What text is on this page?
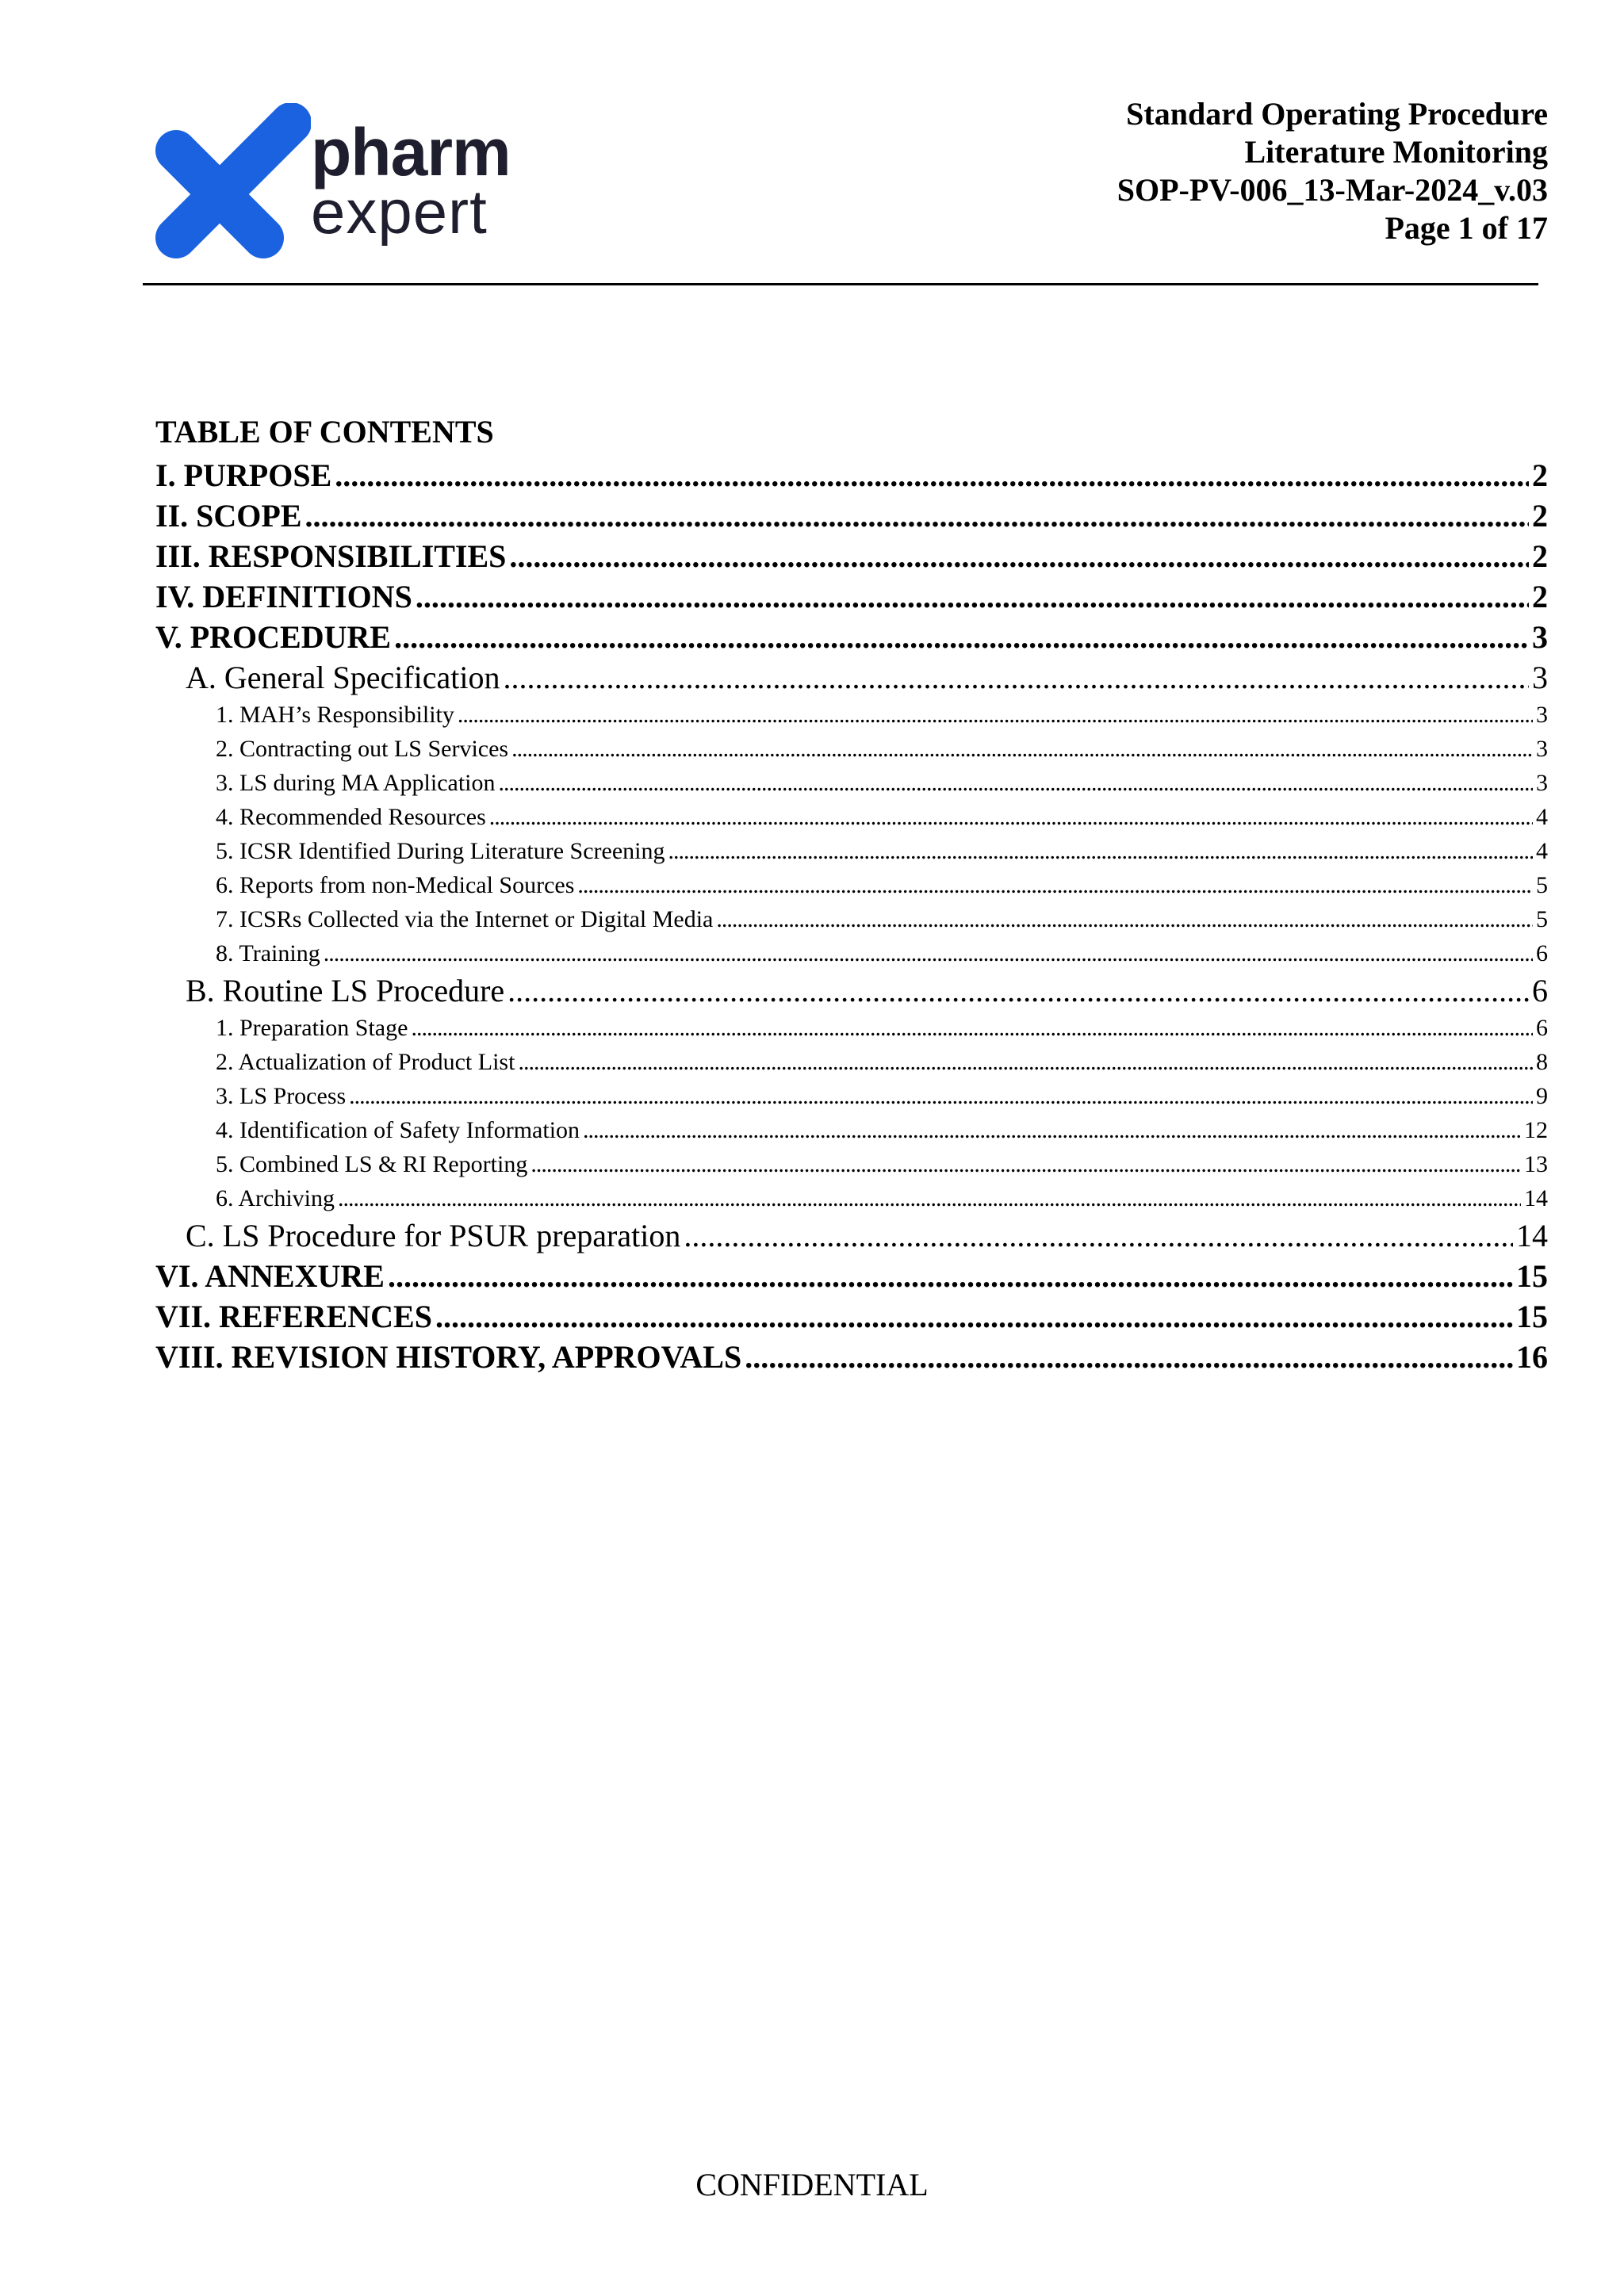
pharm
expert
Standard Operating Procedure
Literature Monitoring
SOP-PV-006_13-Mar-2024_v.03
Page 1 of 17
TABLE OF CONTENTS
I. PURPOSE .....	2
II. SCOPE .....	2
III. RESPONSIBILITIES .....	2
IV. DEFINITIONS .....	2
V. PROCEDURE .....	3
A. General Specification .....	3
1. MAH’s Responsibility .....	3
2. Contracting out LS Services .....	3
3. LS during MA Application .....	3
4. Recommended Resources .....	4
5. ICSR Identified During Literature Screening .....	4
6. Reports from non-Medical Sources .....	5
7. ICSRs Collected via the Internet or Digital Media .....	5
8. Training .....	6
B. Routine LS Procedure .....	6
1. Preparation Stage .....	6
2. Actualization of Product List .....	8
3. LS Process .....	9
4. Identification of Safety Information .....	12
5. Combined LS & RI Reporting .....	13
6. Archiving .....	14
C. LS Procedure for PSUR preparation .....	14
VI. ANNEXURE .....	15
VII. REFERENCES .....	15
VIII. REVISION HISTORY, APPROVALS .....	16
CONFIDENTIAL
